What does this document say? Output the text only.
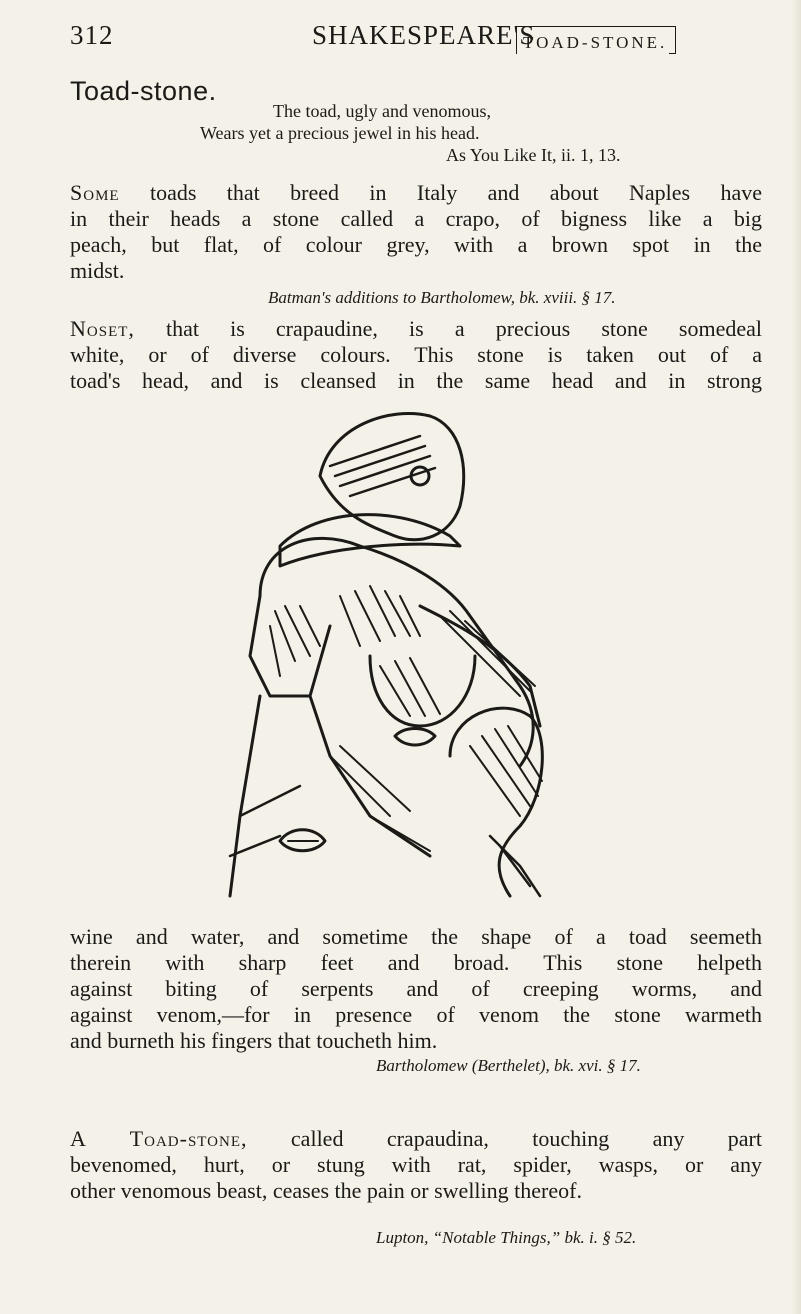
312	SHAKESPEARE'S
TOAD-STONE.
Toad-stone.
The toad, ugly and venomous,
Wears yet a precious jewel in his head.
As You Like It, ii. 1, 13.
Some toads that breed in Italy and about Naples have
in their heads a stone called a crapo, of bigness like a big
peach, but flat, of colour grey, with a brown spot in the
midst.
Batman's additions to Bartholomew, bk. xviii. § 17.
Noset, that is crapaudine, is a precious stone somedeal
white, or of diverse colours. This stone is taken out of a
toad's head, and is cleansed in the same head and in strong
wine and water, and sometime the shape of a toad seemeth
therein with sharp feet and broad. This stone helpeth
against biting of serpents and of creeping worms, and
against venom,—for in presence of venom the stone warmeth
and burneth his fingers that toucheth him.
Bartholomew (Berthelet), bk. xvi. § 17.
A Toad-stone, called crapaudina, touching any part
bevenomed, hurt, or stung with rat, spider, wasps, or any
other venomous beast, ceases the pain or swelling thereof.
Lupton, “Notable Things,” bk. i. § 52.
